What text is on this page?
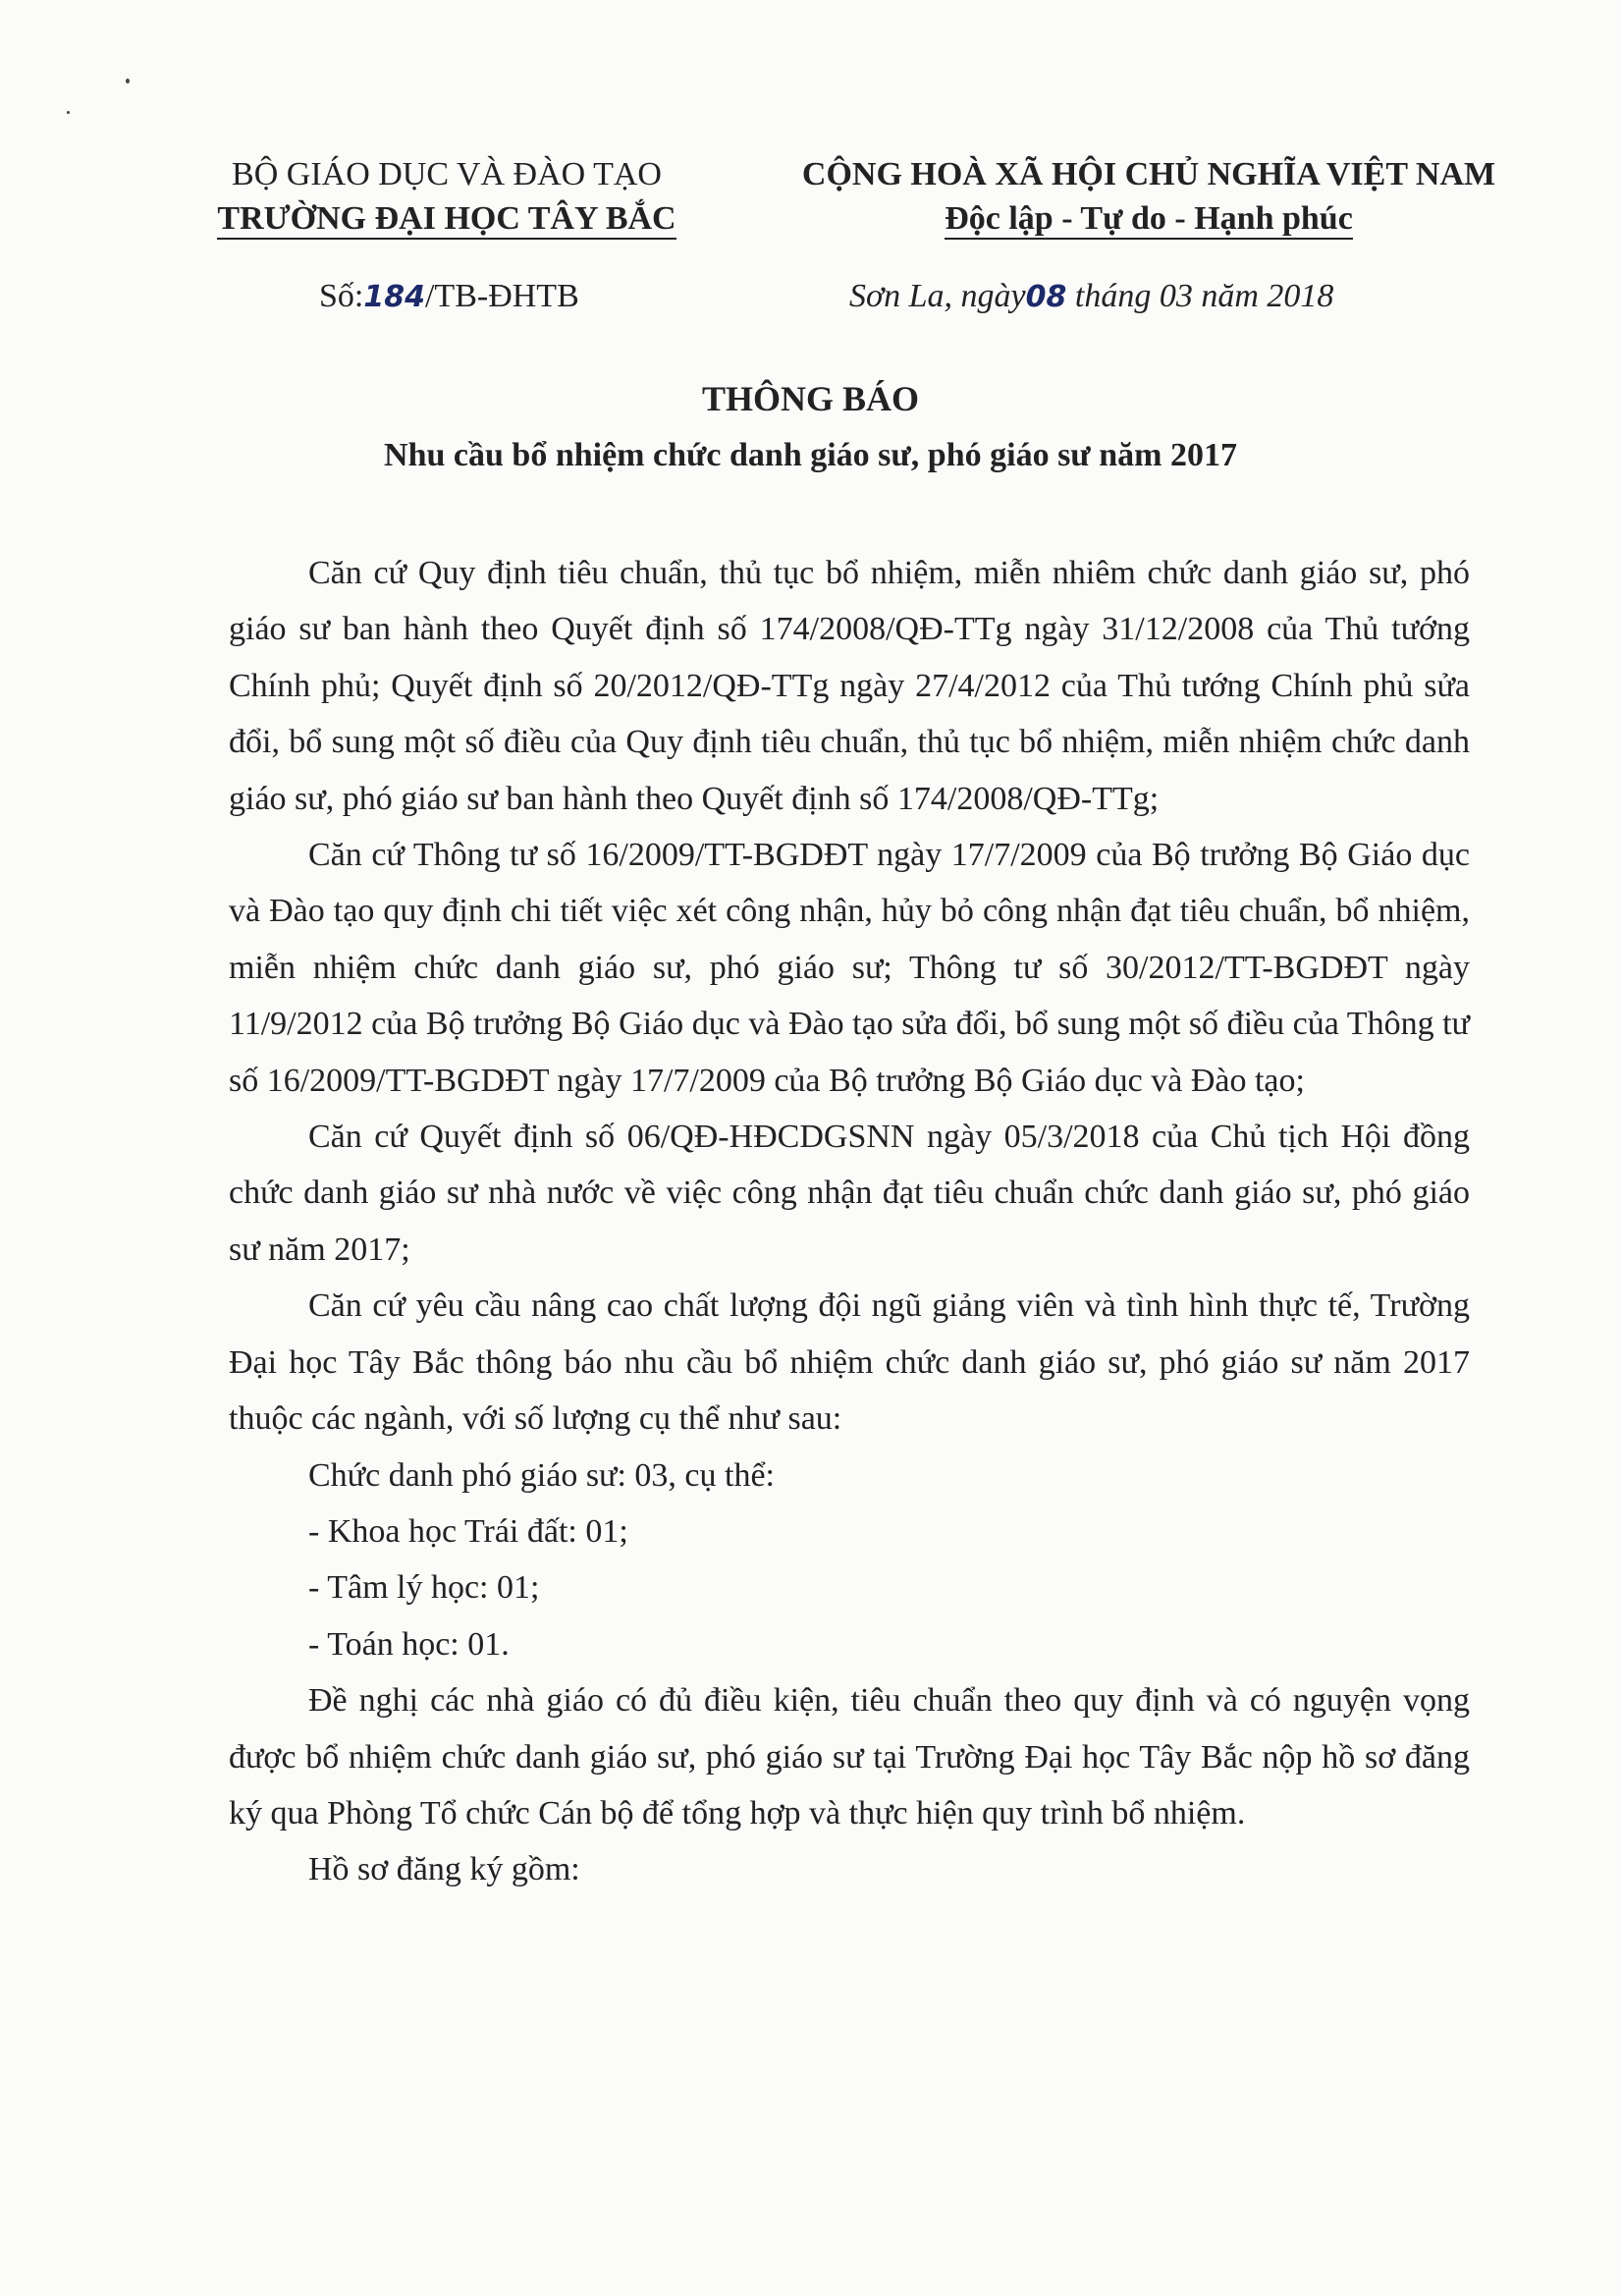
BỘ GIÁO DỤC VÀ ĐÀO TẠO
TRƯỜNG ĐẠI HỌC TÂY BẮC
CỘNG HOÀ XÃ HỘI CHỦ NGHĨA VIỆT NAM
Độc lập - Tự do - Hạnh phúc
Số:184/TB-ĐHTB	Sơn La, ngày08 tháng 03 năm 2018
THÔNG BÁO
Nhu cầu bổ nhiệm chức danh giáo sư, phó giáo sư năm 2017

Căn cứ Quy định tiêu chuẩn, thủ tục bổ nhiệm, miễn nhiêm chức danh giáo sư, phó giáo sư ban hành theo Quyết định số 174/2008/QĐ-TTg ngày 31/12/2008 của Thủ tướng Chính phủ; Quyết định số 20/2012/QĐ-TTg ngày 27/4/2012 của Thủ tướng Chính phủ sửa đổi, bổ sung một số điều của Quy định tiêu chuẩn, thủ tục bổ nhiệm, miễn nhiệm chức danh giáo sư, phó giáo sư ban hành theo Quyết định số 174/2008/QĐ-TTg;

Căn cứ Thông tư số 16/2009/TT-BGDĐT ngày 17/7/2009 của Bộ trưởng Bộ Giáo dục và Đào tạo quy định chi tiết việc xét công nhận, hủy bỏ công nhận đạt tiêu chuẩn, bổ nhiệm, miễn nhiệm chức danh giáo sư, phó giáo sư; Thông tư số 30/2012/TT-BGDĐT ngày 11/9/2012 của Bộ trưởng Bộ Giáo dục và Đào tạo sửa đổi, bổ sung một số điều của Thông tư số 16/2009/TT-BGDĐT ngày 17/7/2009 của Bộ trưởng Bộ Giáo dục và Đào tạo;

Căn cứ Quyết định số 06/QĐ-HĐCDGSNN ngày 05/3/2018 của Chủ tịch Hội đồng chức danh giáo sư nhà nước về việc công nhận đạt tiêu chuẩn chức danh giáo sư, phó giáo sư năm 2017;

Căn cứ yêu cầu nâng cao chất lượng đội ngũ giảng viên và tình hình thực tế, Trường Đại học Tây Bắc thông báo nhu cầu bổ nhiệm chức danh giáo sư, phó giáo sư năm 2017 thuộc các ngành, với số lượng cụ thể như sau:

Chức danh phó giáo sư: 03, cụ thể:

- Khoa học Trái đất: 01;

- Tâm lý học: 01;

- Toán học: 01.

Đề nghị các nhà giáo có đủ điều kiện, tiêu chuẩn theo quy định và có nguyện vọng được bổ nhiệm chức danh giáo sư, phó giáo sư tại Trường Đại học Tây Bắc nộp hồ sơ đăng ký qua Phòng Tổ chức Cán bộ để tổng hợp và thực hiện quy trình bổ nhiệm.

Hồ sơ đăng ký gồm:
